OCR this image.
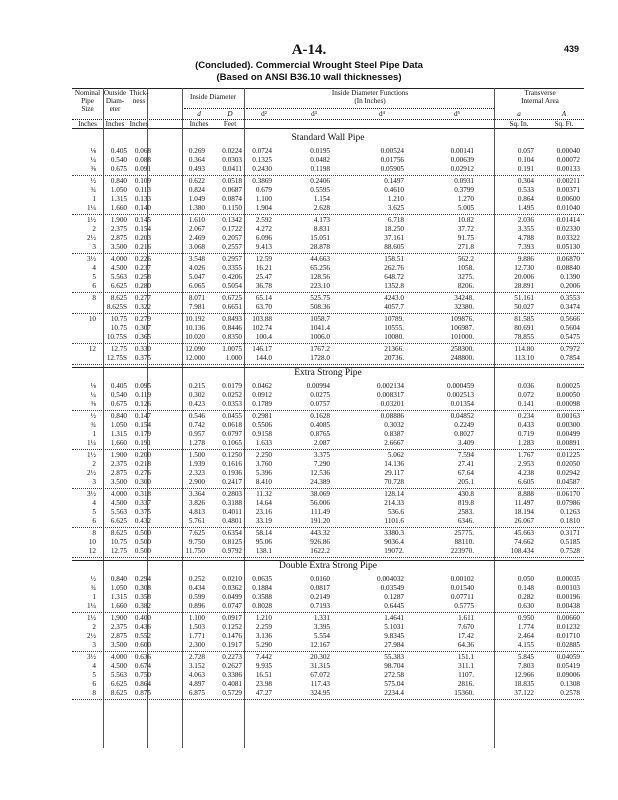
439
A-14.
(Concluded). Commercial Wrought Steel Pipe Data
(Based on ANSI B36.10 wall thicknesses)
Nominal
Pipe
Size
Outside
Diam-
eter
Thick-
ness	Inside Diameter	Inside Diameter Functions
(In Inches)
Transverse
Internal Area
d	D	d²	d³	d⁴	d⁵	a	A
Inches	Inches Inches	Inches	Feet	Sq. In.	Sq. Ft.
Standard Wall Pipe
⅛ 0.405 0.068	0.269 0.0224 0.0724	0.0195	0.00524	0.00141	0.057	0.00040
¼ 0.540 0.088	0.364 0.0303 0.1325	0.0482	0.01756	0.00639	0.104	0.00072
⅜ 0.675 0.091	0.493 0.0411 0.2430	0.1198	0.05905	0.02912	0.191	0.00133
½ 0.840 0.109	0.622 0.0518 0.3869	0.2406	0.1497	0.0931	0.304	0.00211
¾ 1.050 0.113	0.824 0.0687 0.679	0.5595	0.4610	0.3799	0.533	0.00371
1 1.315 0.133	1.049 0.0874 1.100	1.154	1.210	1.270	0.864	0.00600
1¼ 1.660 0.140	1.380 0.1150 1.904	2.628	3.625	5.005	1.495	0.01040
1½ 1.900 0.145	1.610 0.1342 2.592	4.173	6.718	10.82	2.036	0.01414
2 2.375 0.154	2.067 0.1722 4.272	8.831	18.250	37.72	3.355	0.02330
2½ 2.875 0.203	2.469 0.2057 6.096	15.051	37.161	91.75	4.788	0.03322
3 3.500 0.216	3.068 0.2557 9.413	28.878	88.605	271.8	7.393	0.05130
3½ 4.000 0.226	3.548 0.2957 12.59	44.663	158.51	562.2	9.886	0.06870
4 4.500 0.237	4.026 0.3355 16.21	65.256	262.76	1058.	12.730	0.08840
5 5.563 0.258	5.047 0.4206 25.47	128.56	648.72	3275.	20.006	0.1390
6 6.625 0.280	6.065 0.5054 36.78	223.10	1352.8	8206.	28.891	0.2006
8 8.625 0.277	8.071 0.6725 65.14	525.75	4243.0	34248.	51.161	0.3553
8.625S 0.322	7.981 0.6651 63.70	508.36	4057.7	32380.	50.027	0.3474
10 10.75 0.279	10.192 0.8493 103.88	1058.7	10789.	109876.	81.585	0.5666
10.75 0.307	10.136 0.8446 102.74	1041.4	10555.	106987.	80.691	0.5604
10.75S 0.365	10.020 0.8350 100.4	1006.0	10080.	101000.	78.855	0.5475
12 12.75 0.330	12.090 1.0075 146.17	1767.2	21366.	258300.	114.80	0.7972
12.75S 0.375	12.000	1.000 144.0	1728.0	20736.	248800.	113.10	0.7854
Extra Strong Pipe
⅛ 0.405 0.095	0.215 0.0179 0.0462	0.00994	0.002134	0.000459	0.036	0.00025
¼ 0.540 0.119	0.302 0.0252 0.0912	0.0275	0.008317	0.002513	0.072	0.00050
⅜ 0.675 0.126	0.423 0.0353 0.1789	0.0757	0.03201	0.01354	0.141	0.00098
½ 0.840 0.147	0.546 0.0455 0.2981	0.1628	0.08886	0.04852	0.234	0.00163
¾ 1.050 0.154	0.742 0.0618 0.5506	0.4085	0.3032	0.2249	0.433	0.00300
1 1.315 0.179	0.957 0.0797 0.9158	0.8765	0.8387	0.8027	0.719	0.00499
1¼ 1.660 0.191	1.278 0.1065 1.633	2.087	2.6667	3.409	1.283	0.00891
1½ 1.900 0.200	1.500 0.1250 2.250	3.375	5.062	7.594	1.767	0.01225
2 2.375 0.218	1.939 0.1616 3.760	7.290	14.136	27.41	2.953	0.02050
2½ 2.875 0.276	2.323 0.1936 5.396	12.536	29.117	67.64	4.238	0.02942
3 3.500 0.300	2.900 0.2417 8.410	24.389	70.728	205.1	6.605	0.04587
3½ 4.000 0.318	3.364 0.2803 11.32	38.069	128.14	430.8	8.888	0.06170
4 4.500 0.337	3.826 0.3188 14.64	56.006	214.33	819.8	11.497	0.07986
5 5.563 0.375	4.813 0.4011 23.16	111.49	536.6	2583.	18.194	0.1263
6 6.625 0.432	5.761 0.4801 33.19	191.20	1101.6	6346.	26.067	0.1810
8 8.625 0.500	7.625 0.6354 58.14	443.32	3380.3	25775.	45.663	0.3171
10 10.75 0.500	9.750 0.8125 95.06	926.86	9036.4	88110.	74.662	0.5185
12 12.75 0.500	11.750 0.9792 138.1	1622.2	19072.	223970.	108.434	0.7528
Double Extra Strong Pipe
½ 0.840 0.294	0.252 0.0210 0.0635	0.0160	0.004032	0.00102	0.050	0.00035
¾ 1.050 0.308	0.434 0.0362 0.1884	0.0817	0.03549	0.01540	0.148	0.00103
1 1.315 0.358	0.599 0.0499 0.3588	0.2149	0.1287	0.07711	0.282	0.00196
1¼ 1.660 0.382	0.896 0.0747 0.8028	0.7193	0.6445	0.5775	0.630	0.00438
1½ 1.900 0.400	1.100 0.0917 1.210	1.331	1.4641	1.611	0.950	0.00660
2 2.375 0.436	1.503 0.1252 2.259	3.395	5.1031	7.670	1.774	0.01232
2½ 2.875 0.552	1.771 0.1476 3.136	5.554	9.8345	17.42	2.464	0.01710
3 3.500 0.600	2.300 0.1917 5.290	12.167	27.984	64.36	4.155	0.02885
3½ 4.000 0.636	2.728 0.2273 7.442	20.302	55.383	151.1	5.845	0.04059
4 4.500 0.674	3.152 0.2627 9.935	31.315	98.704	311.1	7.803	0.05419
5 5.563 0.750	4.063 0.3386 16.51	67.072	272.58	1107.	12.966	0.09006
6 6.625 0.864	4.897 0.4081 23.98	117.43	575.04	2816.	18.835	0.1308
8 8.625 0.875	6.875 0.5729 47.27	324.95	2234.4	15360.	37.122	0.2578
